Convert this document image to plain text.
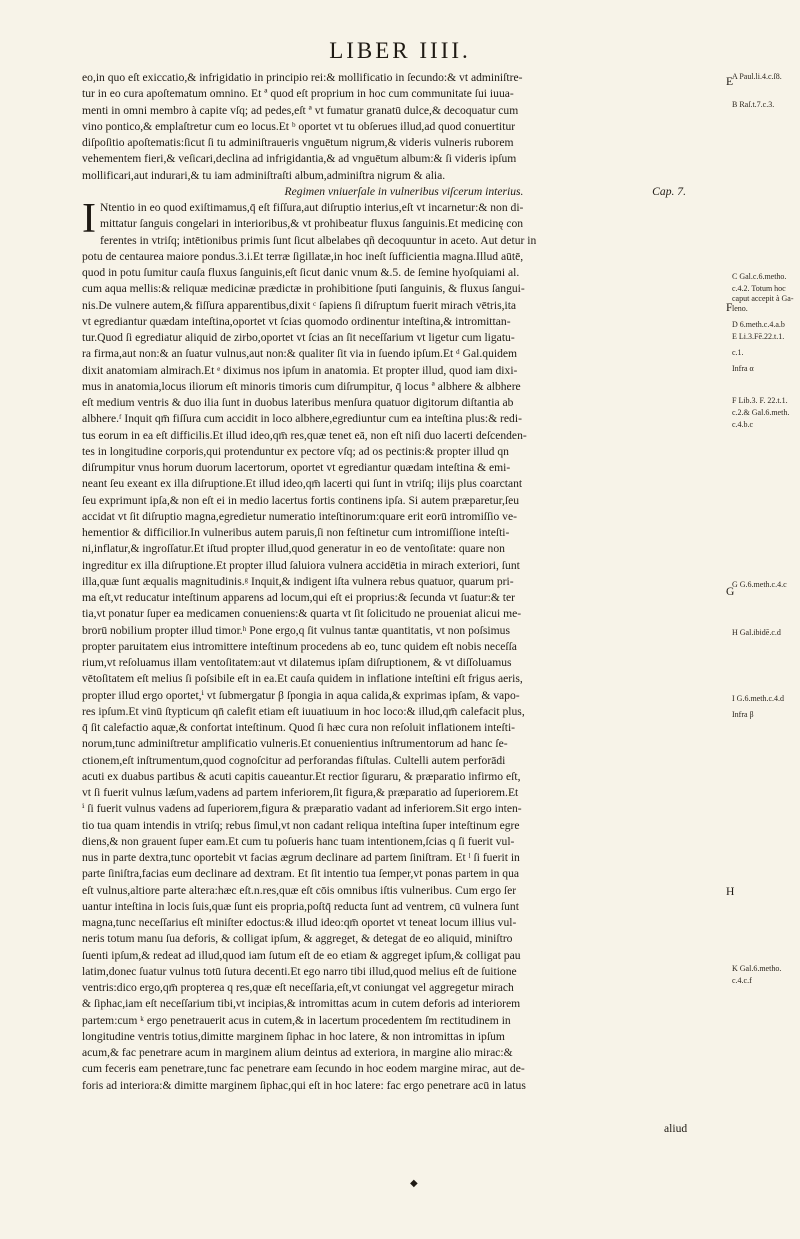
LIBER IIII.

eo,in quo eſt exiccatio,& infrigidatio in principio rei:& mollificatio in ſecundo:& vt adminiſtre-
tur in eo cura apoſtematum omnino. Et ª quod eſt proprium in hoc cum communitate ſui iuua-
menti in omni membro à capite vſq; ad pedes,eſt ª vt fumatur granatū dulce,& decoquatur cum
vino pontico,& emplaſtretur cum eo locus.Et ᵇ oportet vt tu obſerues illud,ad quod conuertitur
diſpoſitio apoſtematis:ſicut ſi tu adminiſtraueris vnguētum nigrum,& videris vulneris ruborem
vehementem fieri,& veſicari,declina ad infrigidantia,& ad vnguētum album:& ſi videris ipſum
mollificari,aut indurari,& tu iam adminiſtraſti album,adminiſtra nigrum & alia.

Regimen vniuerſale in vulneribus viſcerum interius.	Cap. 7.

I Ntentio in eo quod exiſtimamus,q̄ eſt fiſſura,aut diſruptio interius,eſt vt incarnetur:& non di-
mittatur ſanguis congelari in interioribus,& vt prohibeatur fluxus ſanguinis.Et medicinę con
ferentes in vtriſq; intētionibus primis ſunt ſicut albelabes qñ decoquuntur in aceto. Aut detur in
potu de centaurea maiore pondus.3.i.Et terræ ſigillatæ,in hoc ineſt ſufficientia magna.Illud aūtē,
quod in potu ſumitur cauſa fluxus ſanguinis,eſt ſicut danic vnum &.5. de ſemine hyoſquiami al.
cum aqua mellis:& reliquæ medicinæ prædictæ in prohibitione ſputi ſanguinis, & fluxus ſangui-
nis.De vulnere autem,& fiſſura apparentibus,dixit ᶜ ſapiens ſi diſruptum fuerit mirach vētris,ita
vt egrediantur quædam inteſtina,oportet vt ſcias quomodo ordinentur inteſtina,& intromittan-
tur.Quod ſi egrediatur aliquid de zirbo,oportet vt ſcias an ſit neceſſarium vt ligetur cum ligatu-
ra firma,aut non:& an ſuatur vulnus,aut non:& qualiter ſit via in ſuendo ipſum.Et ᵈ Gal.quidem
dixit anatomiam almirach.Et ᵉ diximus nos ipſum in anatomia. Et propter illud, quod iam dixi-
mus in anatomia,locus iliorum eſt minoris timoris cum diſrumpitur, q̄ locus ª albhere & albhere
eſt medium ventris & duo ilia ſunt in duobus lateribus menſura quatuor digitorum diſtantia ab
albhere.ᶠ Inquit qm̄ fiſſura cum accidit in loco albhere,egrediuntur cum ea inteſtina plus:& redi-
tus eorum in ea eſt difficilis.Et illud ideo,qm̄ res,quæ tenet eā, non eſt niſi duo lacerti deſcenden-
tes in longitudine corporis,qui protenduntur ex pectore vſq; ad os pectinis:& propter illud qn
diſrumpitur vnus horum duorum lacertorum, oportet vt egrediantur quædam inteſtina & emi-
neant ſeu exeant ex illa diſruptione.Et illud ideo,qm̄ lacerti qui ſunt in vtriſq; ilijs plus coarctant
ſeu exprimunt ipſa,& non eſt ei in medio lacertus fortis continens ipſa. Si autem præparetur,ſeu
accidat vt ſit diſruptio magna,egredietur numeratio inteſtinorum:quare erit eorū intromiſſio ve-
hementior & difficilior.In vulneribus autem paruis,ſi non feſtinetur cum intromiſſione inteſti-
ni,inflatur,& ingroſſatur.Et iſtud propter illud,quod generatur in eo de ventoſitate: quare non
ingreditur ex illa diſruptione.Et propter illud ſaluiora vulnera accidētia in mirach exteriori, ſunt
illa,quæ ſunt æqualis magnitudinis.ᵍ Inquit,& indigent iſta vulnera rebus quatuor, quarum pri-
ma eſt,vt reducatur inteſtinum apparens ad locum,qui eſt ei proprius:& ſecunda vt ſuatur:& ter
tia,vt ponatur ſuper ea medicamen conueniens:& quarta vt ſit ſolicitudo ne proueniat alicui me-
brorū nobilium propter illud timor.ʰ Pone ergo,q ſit vulnus tantæ quantitatis, vt non poſsimus
propter paruitatem eius intromittere inteſtinum procedens ab eo, tunc quidem eſt nobis neceſſa
rium,vt reſoluamus illam ventoſitatem:aut vt dilatemus ipſam diſruptionem, & vt diſſoluamus
vētoſitatem eſt melius ſi poſsibile eſt in ea.Et cauſa quidem in inflatione inteſtini eſt frigus aeris,
propter illud ergo oportet,ⁱ vt ſubmergatur β ſpongia in aqua calida,& exprimas ipſam, & vapo-
res ipſum.Et vinū ſtypticum qn̄ calefit etiam eſt iuuatiuum in hoc loco:& illud,qm̄ calefacit plus,
q̄ ſit calefactio aquæ,& confortat inteſtinum. Quod ſi hæc cura non reſoluit inflationem inteſti-
norum,tunc adminiſtretur amplificatio vulneris.Et conuenientius inſtrumentorum ad hanc ſe-
ctionem,eſt inſtrumentum,quod cognoſcitur ad perforandas fiſtulas. Cultelli autem perforādi
acuti ex duabus partibus & acuti capitis caueantur.Et rectior ſiguraru, & præparatio infirmo eſt,
vt ſi fuerit vulnus læſum,vadens ad partem inferiorem,ſit figura,& præparatio ad ſuperiorem.Et
ⁱ ſi fuerit vulnus vadens ad ſuperiorem,figura & præparatio vadant ad inferiorem.Sit ergo inten-
tio tua quam intendis in vtriſq; rebus ſimul,vt non cadant reliqua inteſtina ſuper inteſtinum egre
diens,& non grauent ſuper eam.Et cum tu poſueris hanc tuam intentionem,ſcias q ſi fuerit vul-
nus in parte dextra,tunc oportebit vt facias ægrum declinare ad partem ſiniſtram. Et ˡ ſi fuerit in
parte ſiniſtra,facias eum declinare ad dextram. Et ſit intentio tua ſemper,vt ponas partem in qua
eſt vulnus,altiore parte altera:hæc eſt.n.res,quæ eſt cōis omnibus iſtis vulneribus. Cum ergo ſer
uantur inteſtina in locis ſuis,quæ ſunt eis propria,poſtq̄ reducta ſunt ad ventrem, cū vulnera ſunt
magna,tunc neceſſarius eſt miniſter edoctus:& illud ideo:qm̄ oportet vt teneat locum illius vul-
neris totum manu ſua deforis, & colligat ipſum, & aggreget, & detegat de eo aliquid, miniſtro
ſuenti ipſum,& redeat ad illud,quod iam ſutum eſt de eo etiam & aggreget ipſum,& colligat pau
latim,donec ſuatur vulnus totū ſutura decenti.Et ego narro tibi illud,quod melius eſt de ſuitione
ventris:dico ergo,qm̄ propterea q res,quæ eſt neceſſaria,eſt,vt coniungat vel aggregetur mirach
& ſiphac,iam eſt neceſſarium tibi,vt incipias,& intromittas acum in cutem deforis ad interiorem
partem:cum ᵏ ergo penetrauerit acus in cutem,& in lacertum procedentem ſm rectitudinem in
longitudine ventris totius,dimitte marginem ſiphac in hoc latere, & non intromittas in ipſum
acum,& fac penetrare acum in marginem alium deintus ad exteriora, in margine alio mirac:&
cum feceris eam penetrare,tunc fac penetrare eam ſecundo in hoc eodem margine mirac, aut de-
foris ad interiora:& dimitte marginem ſiphac,qui eſt in hoc latere: fac ergo penetrare acū in latus

A Paul.li.4.c.ſ8.
B Raſ.t.7.c.3.
C Gal.c.6.metho.
c.4.2. Totum hoc caput accepit à Ga-leno.
D 6.meth.c.4.a.b
E Li.3.Fē.22.t.1.
c.1.
Infra α
F Lib.3. F. 22.t.1.
c.2.& Gal.6.meth.
c.4.b.c
G G.6.meth.c.4.c
H Gal.ibidē.c.d
I G.6.meth.c.4.d
Infra β
K Gal.6.metho.
c.4.c.f
aliud
◆
E
F
G
H
